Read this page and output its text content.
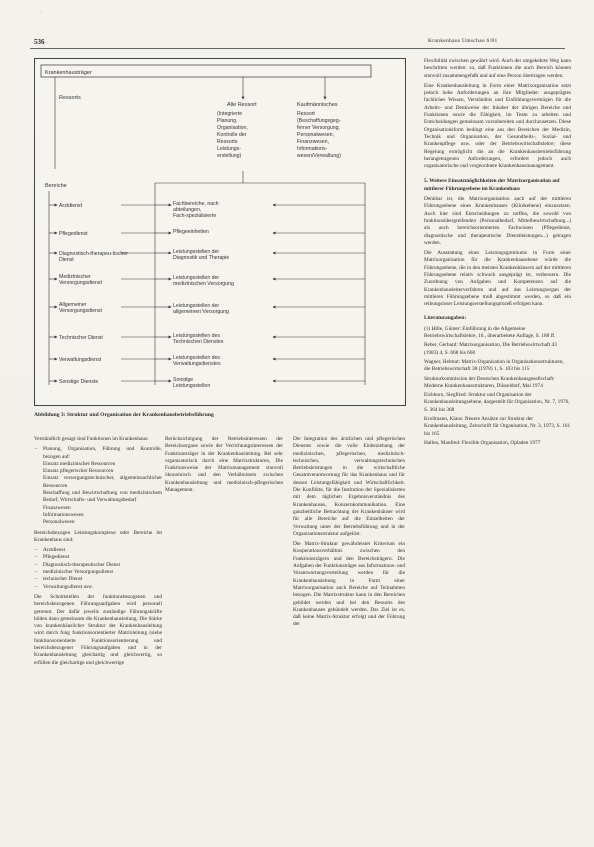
·
536	Krankenhaus Umschau 6/81
Krankenhausträger
Ressorts
Alle Ressort
(Integrierte
Planung,
Organisation,
Kontrolle der
Ressorts
Leistungs-
erstellung)
Kaufmännisches
Ressort
(Beschaffungsgeg-
ferner Versorgung,
Personalwesen,
Finanzwesen,
Informations-
wesen/Verwaltung)
Bereiche
Arztdienst
Pflegedienst
Diagnostisch-therapeu-tischer
Dienst
Medizinischer
Versorgungsdienst
Allgemeiner
Versorgungsdienst
Technischer Dienst
Verwaltungsdienst
Sonstige Dienste
Fachbereiche, nach
abteilungen,
Fach-spezialisierte
Pflegeeinheiten
Leistungsstellen der
Diagnostik und Therapie
Leistungsstellen der
medizinischen Versorgung
Leistungsstellen der
allgemeinen Versorgung
Leistungsstellen des
Technischen Dienstes
Leistungsstellen des
Verwaltungsdienstes
Sonstige
Leistungsstellen
Abbildung 3: Struktur und Organisation der Krankenhausbetriebsführung

Flexibilität zwischen gewährt wird. Auch der umgekehrte Weg kann beschritten werden: so, daß Funktionen die auch Bereich können sinnvoll zusammengefaßt und auf eine Person übertragen werden.

Eine Krankenhausleitung in Form einer Matrixorganisation setzt jedoch hohe Anforderungen an ihre Mitglieder: ausgeprägtes fachliches Wissen, Verständnis und Einfühlungsvermögen für die Arbeits- und Denkweise der Inhaber der übrigen Bereiche und Funktionen sowie die Fähigkeit, im Team zu arbeiten und Entscheidungen gemeinsam vorzubereiten und durchzusetzen. Diese Organisationsform bedingt eine aus den Bereichen der Medizin, Technik und Organisation, der Gesundheits-, Sozial- und Krankenpflege usw. oder der Betriebswirtschaftslehre; diese Regelung ermöglicht die an die Krankenhausbetriebsführung herangetragenen Anforderungen, erfordert jedoch auch organisatorische und vorgeordnete Krankenhausmanagement.

5. Weitere Einsatzmöglichkeiten der Matrixorganisation auf mittlerer Führungsebene im Krankenhaus

Denkbar ist, die Matrixorganisation auch auf der mittleren Führungsebene eines Krankenhauses (Klinikebene) einzusetzen. Auch hier sind Entscheidungen zu treffen, die sowohl von funktionsübergreifenden (Personalbedarf, Mittelbewirtschaftung...) als auch bereichsorientierten Fachwissen (Pflegedienst, diagnostische und therapeutische Dienstleistungen...) getragen werden.

Die Ausstattung eines Leistungsgremiums in Form einer Matrixorganisation für die Krankenhausebene würde die Führungsebene, die in den meisten Krankenhäusern auf der mittleren Führungsebene relativ schwach ausgeprägt ist, verbessern. Die Zuordnung von Aufgaben und Kompetenzen auf die Krankenhausleiterverfahren und auf das Leistungsorgan der mittleren Führungsebene muß abgestimmt werden, so daß ein reibungsloser Leistungserstellungsprozeß erfolgen kann.

Literaturangaben:

(1) Hille, Günter: Einführung in die Allgemeine Betriebswirtschaftslehre, 16., überarbeitete Auflage, S. 188 ff.

Reber, Gerhard: Matrixorganisation, Die Betriebswirtschaft 43 (1983) 4, S. 668 bis 668

Wagner, Helmut: Matrix-Organisation in Organisationsstrukturen, die Betriebswirtschaft 38 (1978) 1, S. 103 bis 115

Strukturkommission der Deutschen Krankenhausgesellschaft: Moderne Krankenhausstrukturen, Düsseldorf, Mai 1974

Eichhorn, Siegfried: Struktur und Organisation der Krankenhausleitungsebene, dargestellt für Organisation, Nr. 7, 1976, S. 364 bis 368

Krollmann, Klaus: Neuere Ansätze zur Struktur der Krankenhausleitung, Zeitschrift für Organisation, Nr. 3, 1973, S. 161 bis 165

Hallen, Manfred: Flexible Organisation, Opladen 1977

Verständlich gesagt sind Funktionen im Krankenhaus:

– Planung, Organisation, Führung und Kontrolle, bezogen auf:
Einsatz medizinischer Ressourcen
Einsatz pflegerischer Ressourcen
Einsatz versorgungstechnischer, allgemeinsachlicher Ressourcen
Beschaffung und Bewirtschaftung von medizinischem Bedarf, Wirtschafts- und Verwaltungsbedarf
Finanzwesen
Informationswesen
Personalwesen

Bereichsbezogen Leistungskomplexe oder Bereiche im Krankenhaus sind:

– Arztdienst
– Pflegedienst
– Diagnostisch-therapeutischer Dienst
– medizinischer Versorgungsdienst
– technischer Dienst
– Verwaltungsdienst usw.

Die Schnittstellen der funktionsbezogenen und bereichsbezogenen Führungsaufgaben wird personell getrennt. Der dafür jeweils zuständige Führungskräfte bilden dann gemeinsam die Krankenhausleitung. Die Stärke von krankenhäuslicher Struktur der Krankenhausleitung wird durch fung funktionsorientierter Matrixleitung (siehe funktionsorientierte Funktionsorientierung und bereichsbezogener Führungsaufgaben und in der Krankenhausleitung gleichartig und gleichwertig, so erfüllen die gleichartige und gleichwertige

Berücksichtigung der Betriebsinteressen der Bereichsorgane sowie der Verrichtungsinteressen der Funktionsträger in der Krankenhausleitung. Bei sehr organisatorisch durch eine Matrixstrukturen, Die Funktionsweise der Matrixmanagement sinnvoll ökonomisch und den Verhältnissen zwischen Krankenhausleitung und medizinisch-pflegerischen Management.

Die Integration des ärztlichen und pflegerischen Dienstes sowie die volle Einbeziehung der medizinischen, pflegerischen, medizinisch-technischen, verwaltungstechnischen Betriebsleistungen in die wirtschaftliche Gesamtverantwortung für das Krankenhaus und für dessen Leistungsfähigkeit und Wirtschaftlichkeit. Die Konflikte, für die Institution der Spezialisierten mit dem täglichen Ergebnisverständnis des Krankenhauses, Konzernkommunikation. Eine ganzheitliche Betrachtung der Krankenhäuser wird für alle Bereiche auf die Einzelheiten der Verwaltung unter der Betriebsführung und in der Organisationsstruktur aufgelöst.

Die Matrix-Struktur gewährleistet Kriterium ein Kooperationsverhältnis zwischen den Funktionsträgern und den Bereichsträgern. Die Aufgaben der Funktionsträger aus Informations- und Verantwortungsverteilung werden für die Krankenhausleitung in Form einer Matrixorganisation auch Bereiche auf Teilnahmen bezogen. Die Matrixstruktur kann in den Bereichen gebildet werden und bei den Ressorts des Krankenhauses gebündelt werden. Das Ziel ist es, daß keine Matrix-Struktur erfolgt und der Führung der
